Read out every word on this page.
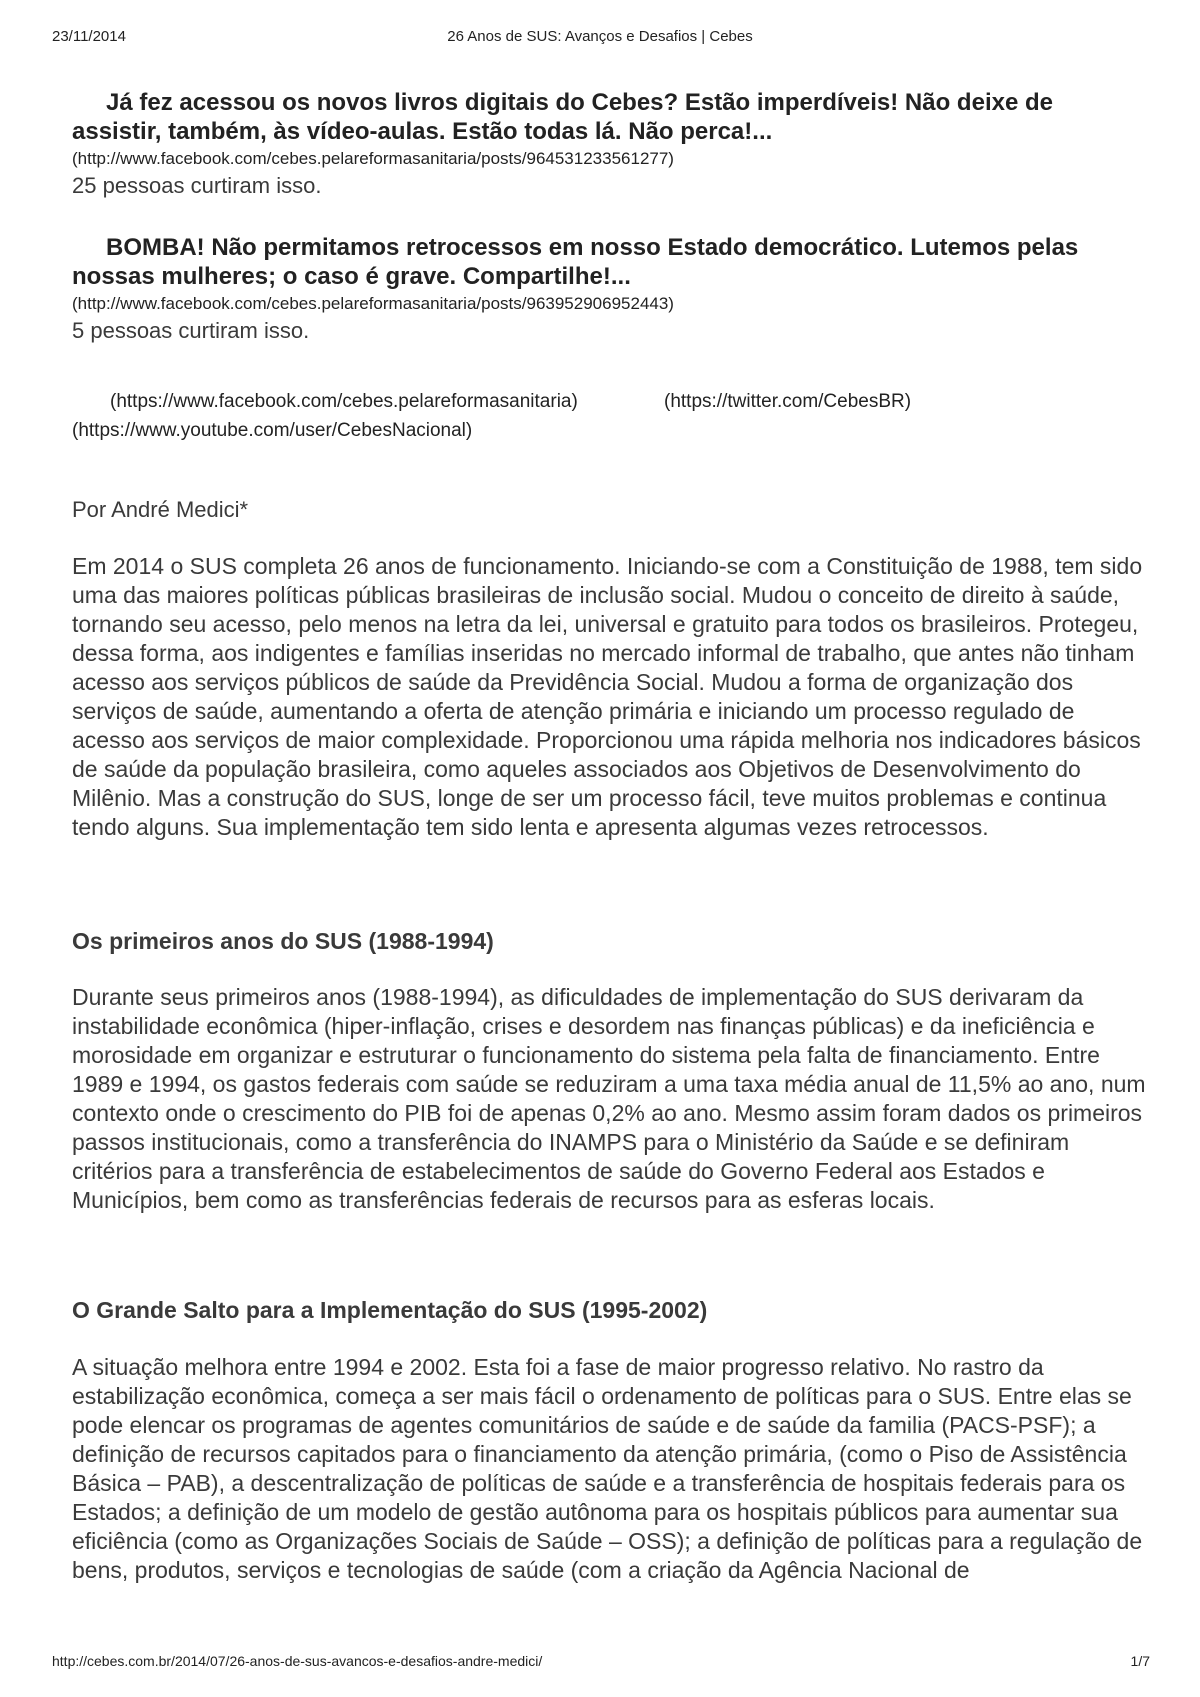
23/11/2014	26 Anos de SUS: Avanços e Desafios | Cebes

Já fez acessou os novos livros digitais do Cebes? Estão imperdíveis! Não deixe de assistir, também, às vídeo-aulas. Estão todas lá. Não perca!...

(http://www.facebook.com/cebes.pelareformasanitaria/posts/964531233561277)

25 pessoas curtiram isso.

BOMBA! Não permitamos retrocessos em nosso Estado democrático. Lutemos pelas nossas mulheres; o caso é grave. Compartilhe!...

(http://www.facebook.com/cebes.pelareformasanitaria/posts/963952906952443)

5 pessoas curtiram isso.

(https://www.facebook.com/cebes.pelareformasanitaria)	(https://twitter.com/CebesBR)
(https://www.youtube.com/user/CebesNacional)
Por André Medici*

Em 2014 o SUS completa 26 anos de funcionamento. Iniciando-se com a Constituição de 1988, tem sido uma das maiores políticas públicas brasileiras de inclusão social. Mudou o conceito de direito à saúde, tornando seu acesso, pelo menos na letra da lei, universal e gratuito para todos os brasileiros. Protegeu, dessa forma, aos indigentes e famílias inseridas no mercado informal de trabalho, que antes não tinham acesso aos serviços públicos de saúde da Previdência Social. Mudou a forma de organização dos serviços de saúde, aumentando a oferta de atenção primária e iniciando um processo regulado de acesso aos serviços de maior complexidade. Proporcionou uma rápida melhoria nos indicadores básicos de saúde da população brasileira, como aqueles associados aos Objetivos de Desenvolvimento do Milênio. Mas a construção do SUS, longe de ser um processo fácil, teve muitos problemas e continua tendo alguns. Sua implementação tem sido lenta e apresenta algumas vezes retrocessos.

Os primeiros anos do SUS (1988-1994)

Durante seus primeiros anos (1988-1994), as dificuldades de implementação do SUS derivaram da instabilidade econômica (hiper-inflação, crises e desordem nas finanças públicas) e da ineficiência e morosidade em organizar e estruturar o funcionamento do sistema pela falta de financiamento. Entre 1989 e 1994, os gastos federais com saúde se reduziram a uma taxa média anual de 11,5% ao ano, num contexto onde o crescimento do PIB foi de apenas 0,2% ao ano. Mesmo assim foram dados os primeiros passos institucionais, como a transferência do INAMPS para o Ministério da Saúde e se definiram critérios para a transferência de estabelecimentos de saúde do Governo Federal aos Estados e Municípios, bem como as transferências federais de recursos para as esferas locais.

O Grande Salto para a Implementação do SUS (1995-2002)

A situação melhora entre 1994 e 2002. Esta foi a fase de maior progresso relativo. No rastro da estabilização econômica, começa a ser mais fácil o ordenamento de políticas para o SUS. Entre elas se pode elencar os programas de agentes comunitários de saúde e de saúde da familia (PACS-PSF); a definição de recursos capitados para o financiamento da atenção primária, (como o Piso de Assistência Básica – PAB), a descentralização de políticas de saúde e a transferência de hospitais federais para os Estados; a definição de um modelo de gestão autônoma para os hospitais públicos para aumentar sua eficiência (como as Organizações Sociais de Saúde – OSS); a definição de políticas para a regulação de bens, produtos, serviços e tecnologias de saúde (com a criação da Agência Nacional de

http://cebes.com.br/2014/07/26-anos-de-sus-avancos-e-desafios-andre-medici/	1/7
